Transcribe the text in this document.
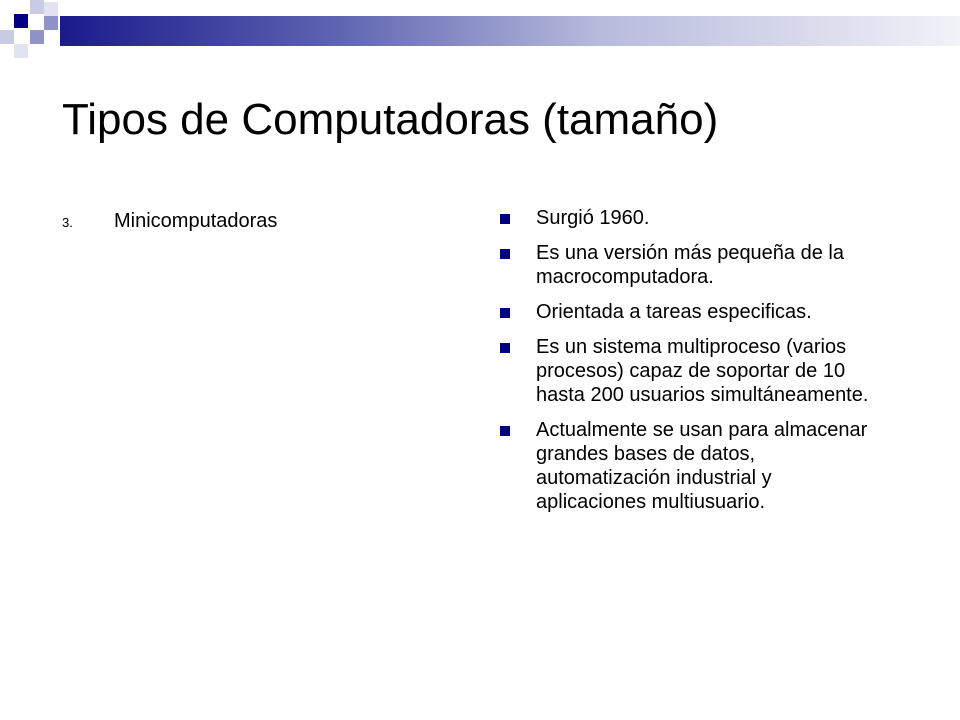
Tipos de Computadoras (tamaño)
3.	Minicomputadoras	Surgió 1960.
Es una versión más pequeña de la macrocomputadora.
Orientada a tareas especificas.
Es un sistema multiproceso (varios procesos) capaz de soportar de 10 hasta 200 usuarios simultáneamente.
Actualmente se usan para almacenar grandes bases de datos, automatización industrial y aplicaciones multiusuario.
